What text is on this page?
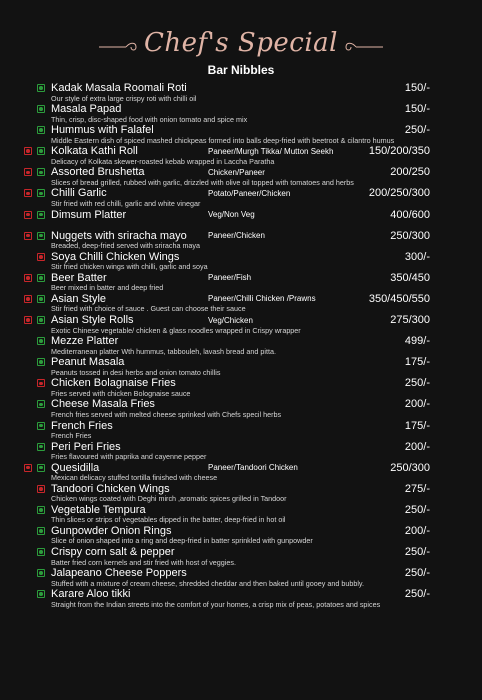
Chef's Special
Bar Nibbles
Kadak Masala Roomali Roti	150/-
Our style of extra large crispy roti with chilli oil
Masala Papad	150/-
Thin, crisp, disc-shaped food with onion tomato and spice mix
Hummus with Falafel	250/-
Middle Eastern dish of spiced mashed chickpeas formed into balls deep-fried with beetroot & cilantro humus
Kolkata Kathi Roll	Paneer/Murgh Tikka/ Mutton Seekh	150/200/350
Delicacy of Kolkata skewer-roasted kebab wrapped in Laccha Paratha
Assorted Brushetta	Chicken/Paneer	200/250
Slices of bread grilled, rubbed with garlic, drizzled with olive oil topped with tomatoes and herbs
Chilli Garlic	Potato/Paneer/Chicken	200/250/300
Stir fried with red chilli, garlic and white vinegar
Dimsum Platter	Veg/Non Veg	400/600
Nuggets with sriracha mayo	Paneer/Chicken	250/300
Breaded, deep-fried served with sriracha maya
Soya Chilli Chicken Wings	300/-
Stir fried chicken wings with chilli, garlic and soya
Beer Batter	Paneer/Fish	350/450
Beer mixed in batter and deep fried
Asian Style	Paneer/Chilli Chicken /Prawns	350/450/550
Stir fried with choice of sauce . Guest can choose their sauce
Asian Style Rolls	Veg/Chicken	275/300
Exotic Chinese vegetable/ chicken & glass noodles wrapped in Crispy wrapper
Mezze Platter	499/-
Mediterranean platter Wth hummus, tabbouleh, lavash bread and pitta.
Peanut Masala	175/-
Peanuts tossed in desi herbs and onion tomato chillis
Chicken Bolagnaise Fries	250/-
Fries served with chicken Bolognaise sauce
Cheese Masala Fries	200/-
French fries served with melted cheese sprinked with Chefs specil herbs
French Fries	175/-
French Fries
Peri Peri Fries	200/-
Fries flavoured with paprika and cayenne pepper
Quesidilla	Paneer/Tandoori Chicken	250/300
Mexican delicacy stuffed tortilla finished with cheese
Tandoori Chicken Wings	275/-
Chicken wings coated with Deghi mirch ,aromatic spices grilled in Tandoor
Vegetable Tempura	250/-
Thin slices or strips of vegetables dipped in the batter, deep-fried in hot oil
Gunpowder Onion Rings	200/-
Slice of onion shaped into a ring and deep-fried in batter sprinkled with gunpowder
Crispy corn salt & pepper	250/-
Batter fried corn kernels and stir fried with host of veggies.
Jalapeano Cheese Poppers	250/-
Stuffed with a mixture of cream cheese, shredded cheddar and then baked until gooey and bubbly.
Karare Aloo tikki	250/-
Straight from the Indian streets into the comfort of your homes, a crisp mix of peas, potatoes and spices
